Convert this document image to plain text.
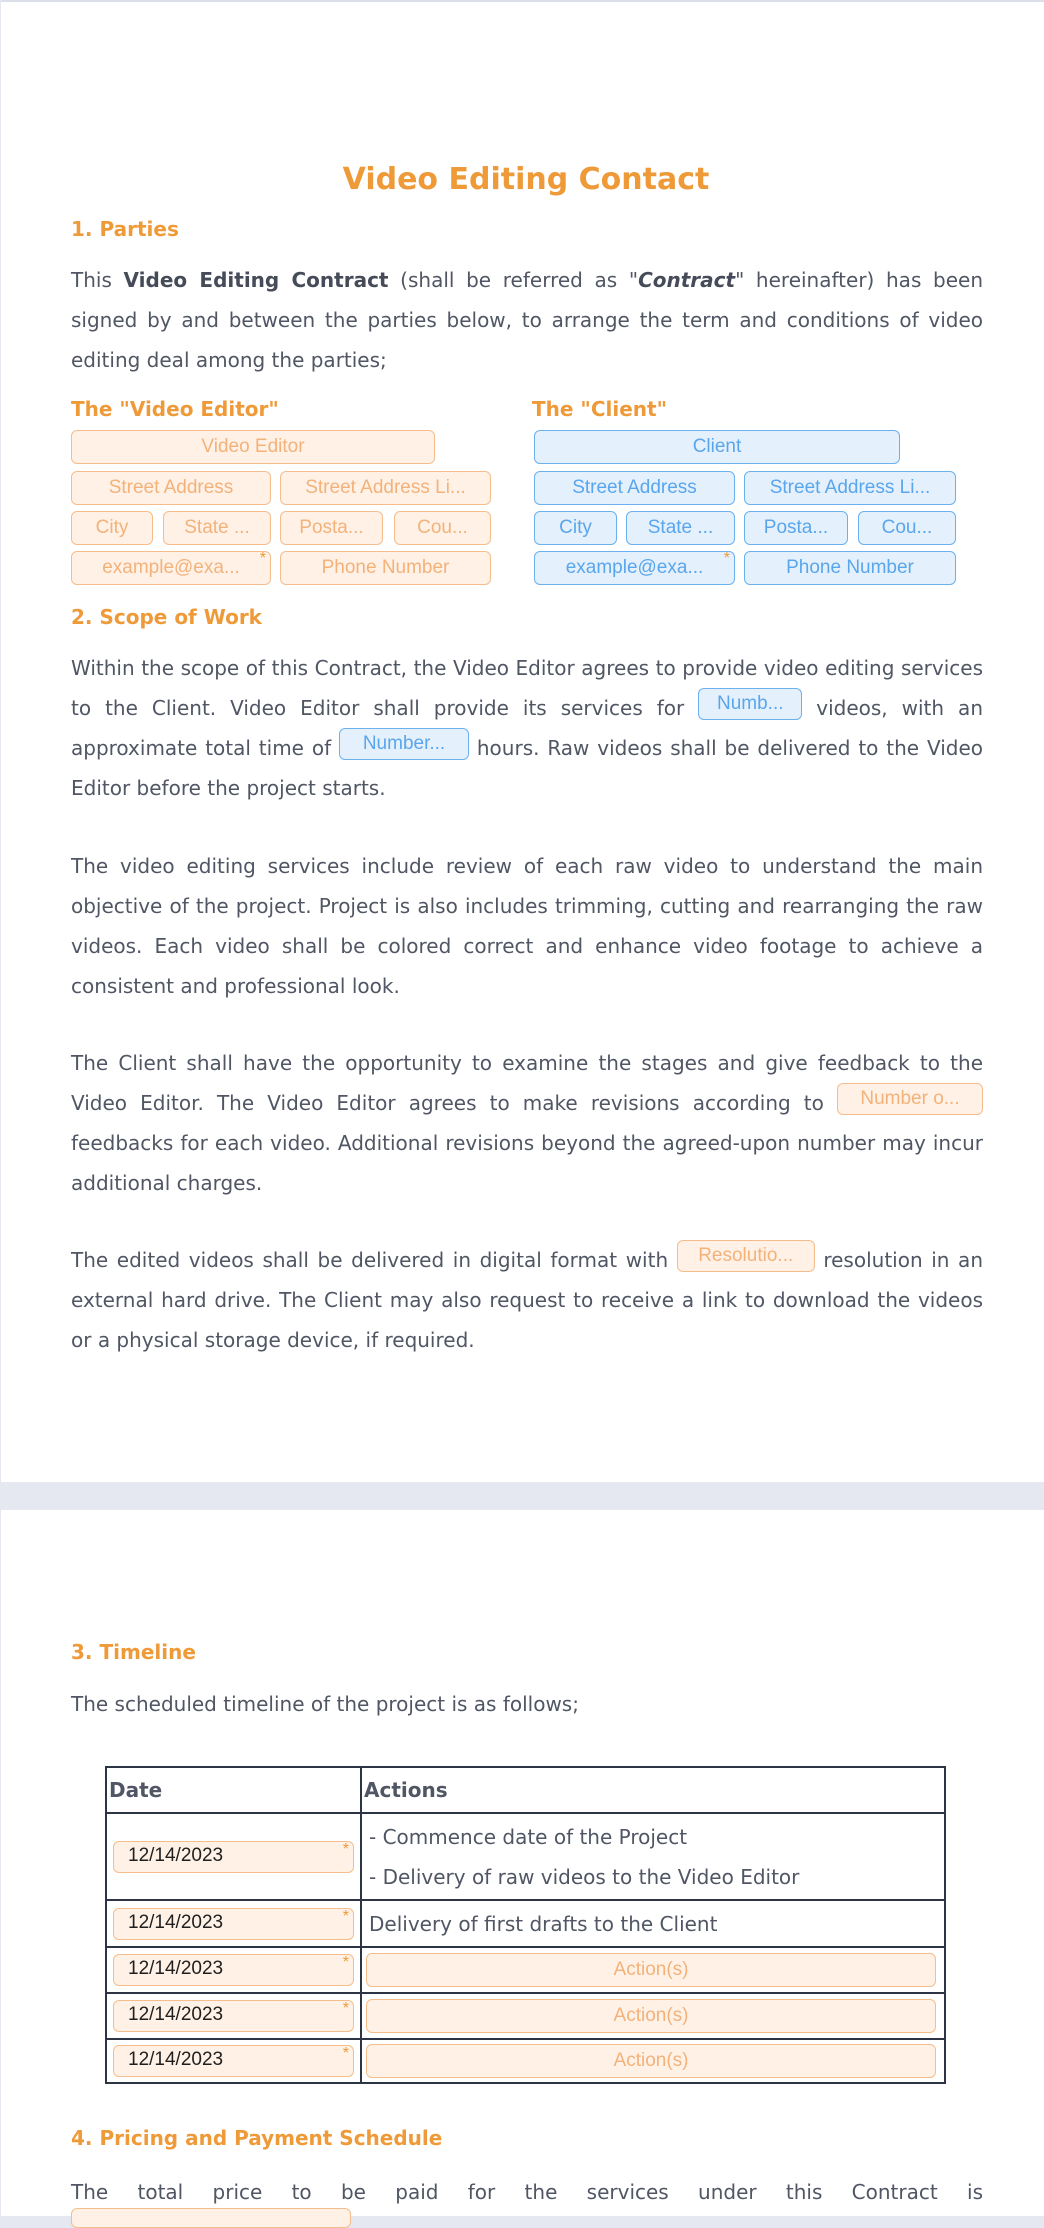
Video Editing Contact
1. Parties

This Video Editing Contract (shall be referred as "Contract" hereinafter) has been signed by and between the parties below, to arrange the term and conditions of video editing deal among the parties;

The "Video Editor"
Video Editor
Street Address	Street Address Li...
City	State ...	Posta...	Cou...
example@exa... *	Phone Number
The "Client"
Client
Street Address	Street Address Li...
City	State ...	Posta...	Cou...
example@exa... *	Phone Number
2. Scope of Work

Within the scope of this Contract, the Video Editor agrees to provide video editing services to the Client. Video Editor shall provide its services for Numb... videos, with an approximate total time of Number... hours. Raw videos shall be delivered to the Video Editor before the project starts.

The video editing services include review of each raw video to understand the main objective of the project. Project is also includes trimming, cutting and rearranging the raw videos. Each video shall be colored correct and enhance video footage to achieve a consistent and professional look.

The Client shall have the opportunity to examine the stages and give feedback to the Video Editor. The Video Editor agrees to make revisions according to Number o... feedbacks for each video. Additional revisions beyond the agreed-upon number may incur additional charges.

The edited videos shall be delivered in digital format with Resolutio... resolution in an external hard drive. The Client may also request to receive a link to download the videos or a physical storage device, if required.

3. Timeline

The scheduled timeline of the project is as follows;

Date	Actions

12/14/2023 *	- Commence date of the Project
- Delivery of raw videos to the Video Editor

12/14/2023 *	Delivery of first drafts to the Client

12/14/2023 *	Action(s)

12/14/2023 *	Action(s)

12/14/2023 *	Action(s)
4. Pricing and Payment Schedule

The total price to be paid for the services under this Contract is
